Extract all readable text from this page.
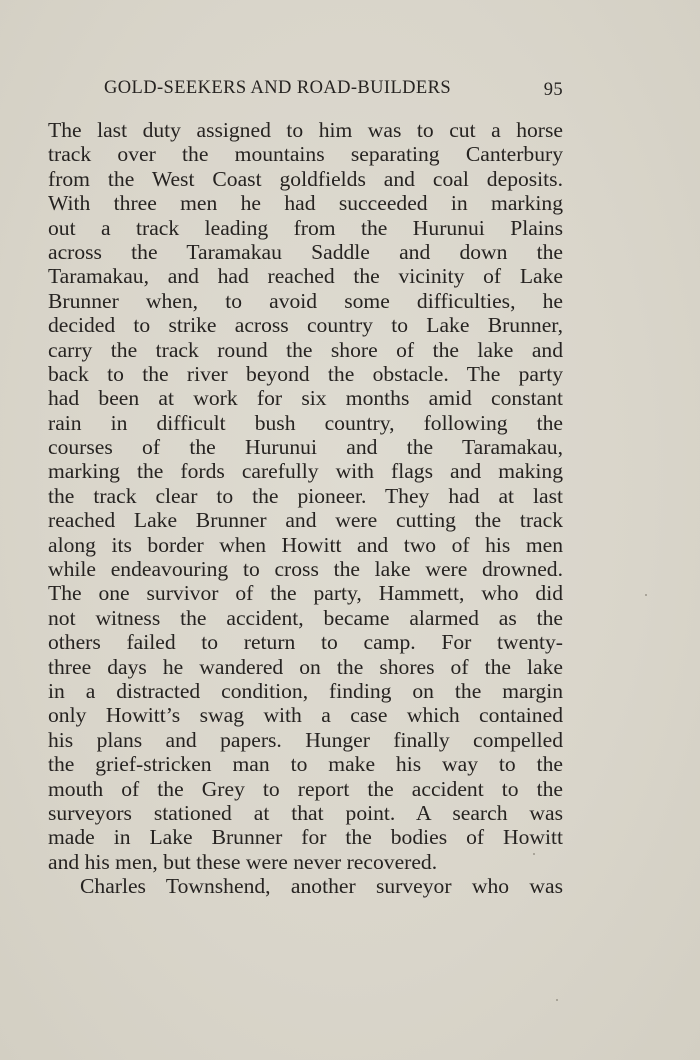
GOLD-SEEKERS AND ROAD-BUILDERS	95
The last duty assigned to him was to cut a horse
track over the mountains separating Canterbury
from the West Coast goldfields and coal deposits.
With three men he had succeeded in marking
out a track leading from the Hurunui Plains
across the Taramakau Saddle and down the
Taramakau, and had reached the vicinity of Lake
Brunner when, to avoid some difficulties, he
decided to strike across country to Lake Brunner,
carry the track round the shore of the lake and
back to the river beyond the obstacle. The party
had been at work for six months amid constant
rain in difficult bush country, following the
courses of the Hurunui and the Taramakau,
marking the fords carefully with flags and making
the track clear to the pioneer. They had at last
reached Lake Brunner and were cutting the track
along its border when Howitt and two of his men
while endeavouring to cross the lake were drowned.
The one survivor of the party, Hammett, who did
not witness the accident, became alarmed as the
others failed to return to camp. For twenty-
three days he wandered on the shores of the lake
in a distracted condition, finding on the margin
only Howitt’s swag with a case which contained
his plans and papers. Hunger finally compelled
the grief-stricken man to make his way to the
mouth of the Grey to report the accident to the
surveyors stationed at that point. A search was
made in Lake Brunner for the bodies of Howitt
and his men, but these were never recovered.
Charles Townshend, another surveyor who was
